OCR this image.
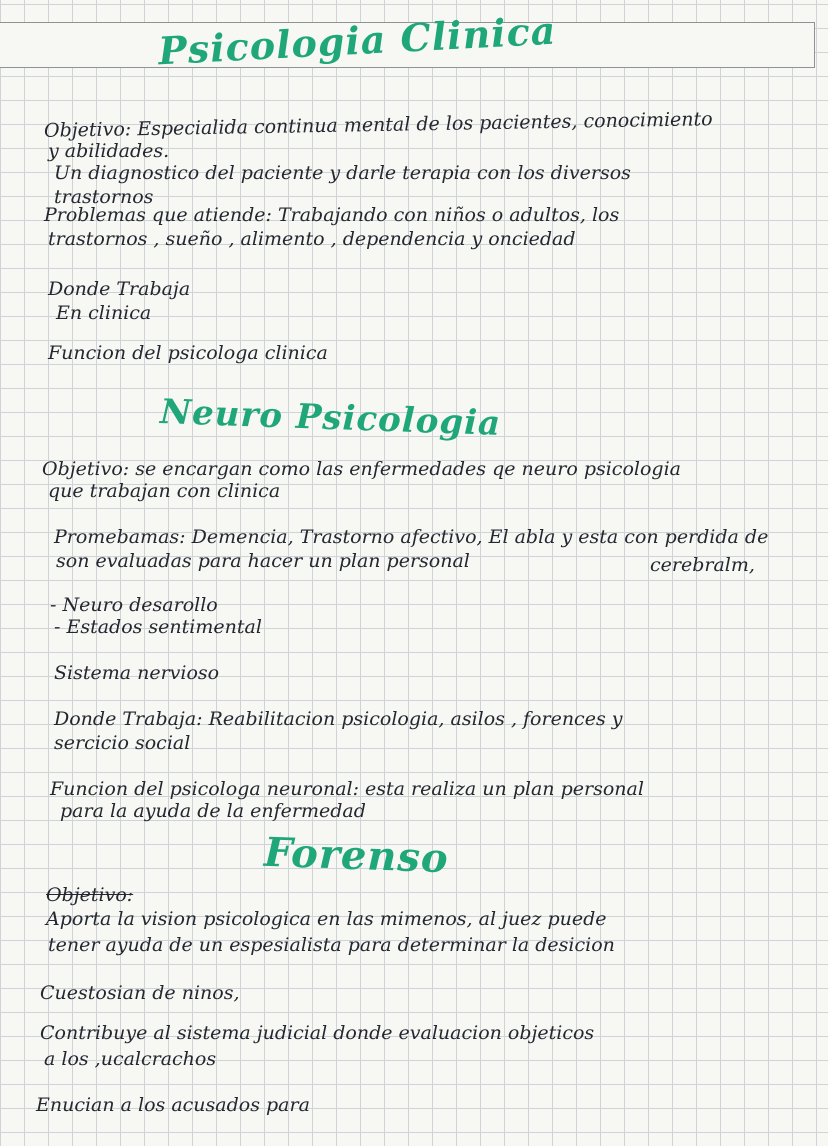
Psicologia Clinica
Objetivo: Especialida continua mental de los pacientes, conocimiento
y abilidades.
Un diagnostico del paciente y darle terapia con los diversos
trastornos
Problemas que atiende: Trabajando con niños o adultos, los
trastornos , sueño , alimento , dependencia y onciedad
Donde Trabaja
En clinica
Funcion del psicologa clinica
Neuro Psicologia
Objetivo: se encargan como las enfermedades qe neuro psicologia
que trabajan con clinica
Promebamas: Demencia, Trastorno afectivo, El abla y esta con perdida de
son evaluadas para hacer un plan personal	cerebralm,
- Neuro desarollo
- Estados sentimental
Sistema nervioso
Donde Trabaja: Reabilitacion psicologia, asilos , forences y
sercicio social
Funcion del psicologa neuronal: esta realiza un plan personal
para la ayuda de la enfermedad
Forenso
Objetivo:
Aporta la vision psicologica en las mimenos, al juez puede
tener ayuda de un espesialista para determinar la desicion
Cuestosian de ninos,
Contribuye al sistema judicial donde evaluacion objeticos
a los ,ucalcrachos
Enucian a los acusados para
